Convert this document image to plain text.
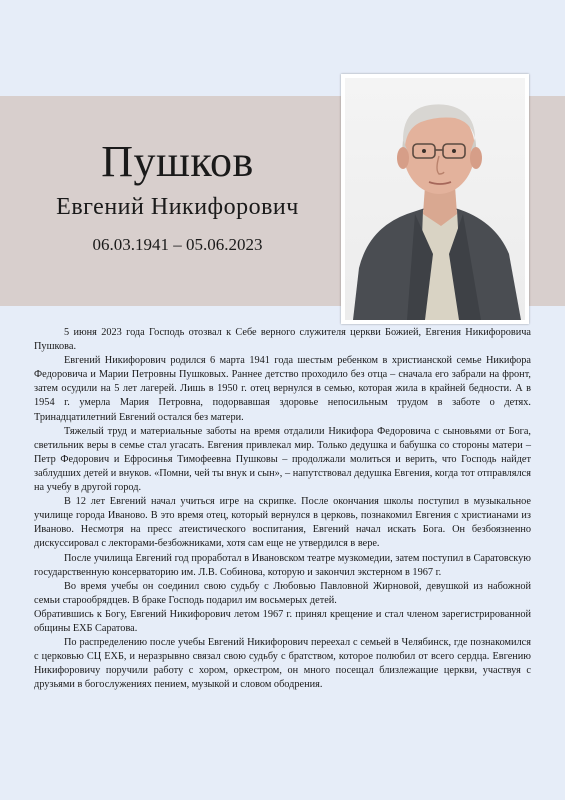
Пушков
Евгений Никифорович
06.03.1941 – 05.06.2023

5 июня 2023 года Господь отозвал к Себе верного служителя церкви Божией, Евгения Никифоровича Пушкова.

Евгений Никифорович родился 6 марта 1941 года шестым ребенком в христианской семье Никифора Федоровича и Марии Петровны Пушковых. Раннее детство проходило без отца – сначала его забрали на фронт, затем осудили на 5 лет лагерей. Лишь в 1950 г. отец вернулся в семью, которая жила в крайней бедности. А в 1954 г. умерла Мария Петровна, подорвавшая здоровье непосильным трудом в заботе о детях. Тринадцатилетний Евгений остался без матери.

Тяжелый труд и материальные заботы на время отдалили Никифора Федоровича с сыновьями от Бога, светильник веры в семье стал угасать. Евгения привлекал мир. Только дедушка и бабушка со стороны матери – Петр Федорович и Ефросинья Тимофеевна Пушковы – продолжали молиться и верить, что Господь найдет заблудших детей и внуков. «Помни, чей ты внук и сын», – напутствовал дедушка Евгения, когда тот отправлялся на учебу в другой город.

В 12 лет Евгений начал учиться игре на скрипке. После окончания школы поступил в музыкальное училище города Иваново. В это время отец, который вернулся в церковь, познакомил Евгения с христианами из Иваново. Несмотря на пресс атеистического воспитания, Евгений начал искать Бога. Он безбоязненно дискуссировал с лекторами-безбожниками, хотя сам еще не утвердился в вере.

После училища Евгений год проработал в Ивановском театре музкомедии, затем поступил в Саратовскую государственную консерваторию им. Л.В. Собинова, которую и закончил экстерном в 1967 г.

Во время учебы он соединил свою судьбу с Любовью Павловной Жирновой, девушкой из набожной семьи старообрядцев. В браке Господь подарил им восьмерых детей.

Обратившись к Богу, Евгений Никифорович летом 1967 г. принял крещение и стал членом зарегистрированной общины ЕХБ Саратова.

По распределению после учебы Евгений Никифорович переехал с семьей в Челябинск, где познакомился с церковью СЦ ЕХБ, и неразрывно связал свою судьбу с братством, которое полюбил от всего сердца. Евгению Никифоровичу поручили работу с хором, оркестром, он много посещал близлежащие церкви, участвуя с друзьями в богослужениях пением, музыкой и словом ободрения.
